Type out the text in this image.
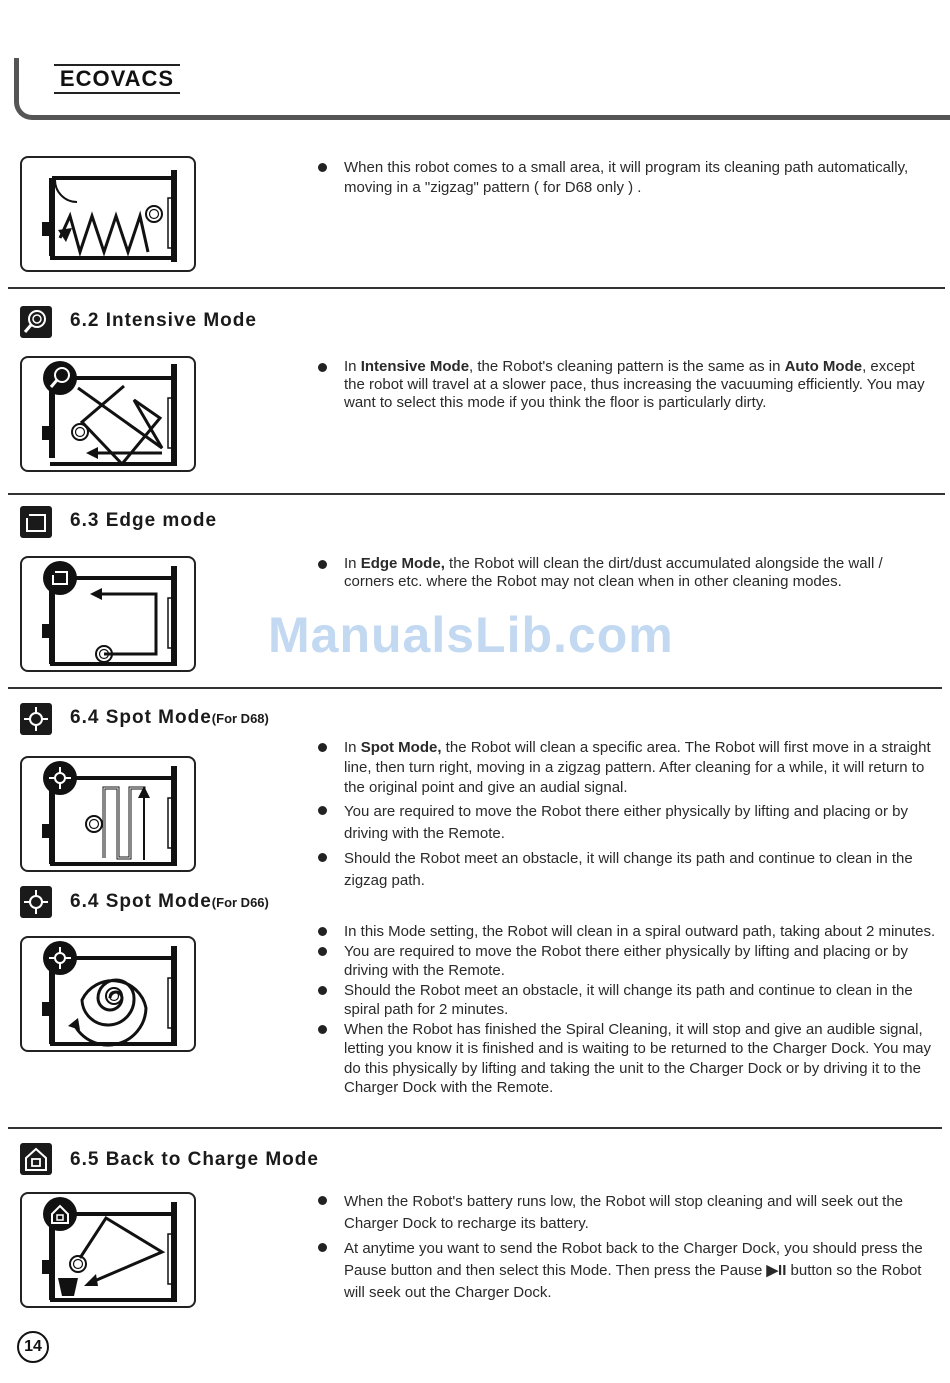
ECOVACS
When this robot comes to a small area, it will program its cleaning path automatically, moving in a "zigzag" pattern ( for D68 only ) .
6.2 Intensive Mode
In Intensive Mode, the Robot's cleaning pattern is the same as in Auto Mode, except the robot will travel at a slower pace, thus increasing the vacuuming efficiently. You may want to select this mode if you think the floor is particularly dirty.
6.3 Edge mode
In Edge Mode, the Robot will clean the dirt/dust accumulated alongside the wall / corners etc. where the Robot may not clean when in other cleaning modes.
ManualsLib.com
6.4 Spot Mode(For D68)
In Spot Mode, the Robot will clean a specific area. The Robot will first move in a straight line, then turn right, moving in a zigzag pattern. After cleaning for a while, it will return to the original point and give an audial signal.
You are required to move the Robot there either physically by lifting and placing or by driving with the Remote.
Should the Robot meet an obstacle, it will change its path and continue to clean in the zigzag path.
6.4 Spot Mode(For D66)
In this Mode setting, the Robot will clean in a spiral outward path, taking about 2 minutes.
You are required to move the Robot there either physically by lifting and placing or by driving with the Remote.
Should the Robot meet an obstacle, it will change its path and continue to clean in the spiral path for 2 minutes.
When the Robot has finished the Spiral Cleaning, it will stop and give an audible signal, letting you know it is finished and is waiting to be returned to the Charger Dock. You may do this physically by lifting and taking the unit to the Charger Dock or by driving it to the Charger Dock with the Remote.
6.5 Back to Charge Mode
When the Robot's battery runs low, the Robot will stop cleaning and will seek out the Charger Dock to recharge its battery.
At anytime you want to send the Robot back to the Charger Dock, you should press the Pause button and then select this Mode. Then press the Pause ▶II button so the Robot will seek out the Charger Dock.
14
